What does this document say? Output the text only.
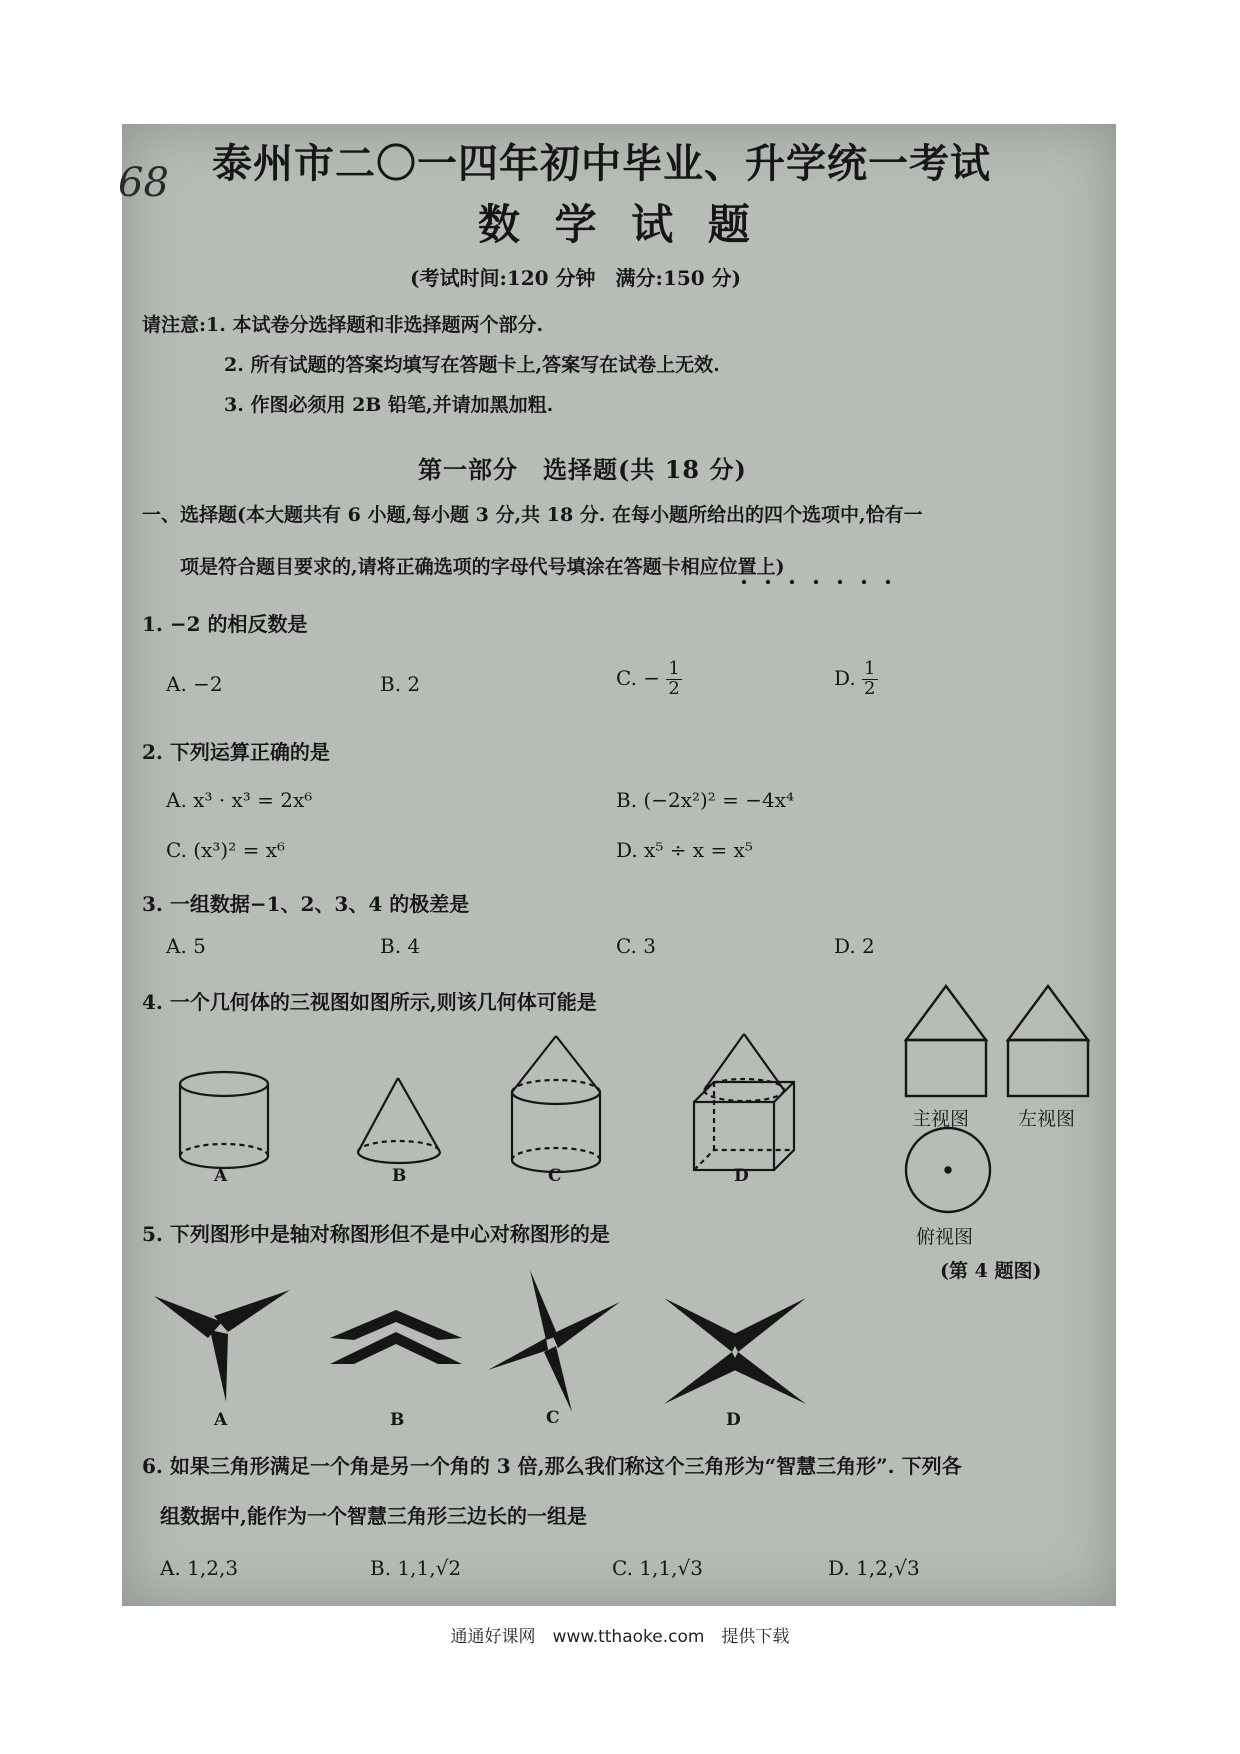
68 泰州市二〇一四年初中毕业、升学统一考试
数 学 试 题
(考试时间:120 分钟　满分:150 分)
请注意:1. 本试卷分选择题和非选择题两个部分.
2. 所有试题的答案均填写在答题卡上,答案写在试卷上无效.
3. 作图必须用 2B 铅笔,并请加黑加粗.
第一部分　选择题(共 18 分)
一、选择题(本大题共有 6 小题,每小题 3 分,共 18 分. 在每小题所给出的四个选项中,恰有一
项是符合题目要求的,请将正确选项的字母代号填涂在答题卡相应位置上)
1. −2 的相反数是
A. −2	B. 2	C. − $\frac{1}{2}$	D. $\frac{1}{2}$
2. 下列运算正确的是
A. x³ · x³ = 2x⁶	B. (−2x²)² = −4x⁴
C. (x³)² = x⁶	D. x⁵ ÷ x = x⁵
3. 一组数据−1、2、3、4 的极差是
A. 5	B. 4	C. 3	D. 2
4. 一个几何体的三视图如图所示,则该几何体可能是
A	B	C	D
主视图	左视图
俯视图
(第 4 题图)
5. 下列图形中是轴对称图形但不是中心对称图形的是
A	B	C	D
6. 如果三角形满足一个角是另一个角的 3 倍,那么我们称这个三角形为“智慧三角形”. 下列各
组数据中,能作为一个智慧三角形三边长的一组是
A. 1,2,3	B. 1,1,√2	C. 1,1,√3	D. 1,2,√3
通通好课网　www.tthaoke.com　提供下载
